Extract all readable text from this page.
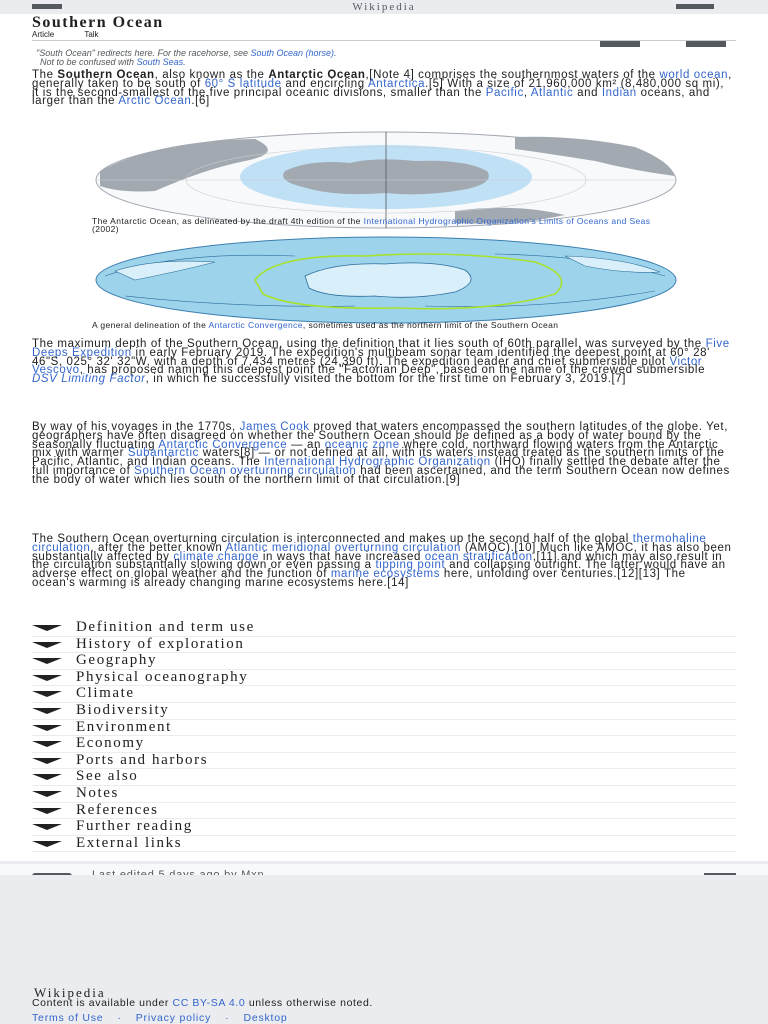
Wikipedia
Southern Ocean
Article	Talk
"South Ocean" redirects here. For the racehorse, see South Ocean (horse).
Not to be confused with South Seas.
The Southern Ocean, also known as the Antarctic Ocean,[Note 4] comprises the southernmost waters of the world ocean, generally taken to be south of 60° S latitude and encircling Antarctica.[5] With a size of 21,960,000 km² (8,480,000 sq mi), it is the second-smallest of the five principal oceanic divisions, smaller than the Pacific, Atlantic and Indian oceans, and larger than the Arctic Ocean.[6]
The Antarctic Ocean, as delineated by the draft 4th edition of the International Hydrographic Organization's Limits of Oceans and Seas (2002)
A general delineation of the Antarctic Convergence, sometimes used as the northern limit of the Southern Ocean
The maximum depth of the Southern Ocean, using the definition that it lies south of 60th parallel, was surveyed by the Five Deeps Expedition in early February 2019. The expedition's multibeam sonar team identified the deepest point at 60° 28' 46"S, 025° 32' 32"W, with a depth of 7,434 metres (24,390 ft). The expedition leader and chief submersible pilot Victor Vescovo, has proposed naming this deepest point the "Factorian Deep", based on the name of the crewed submersible DSV Limiting Factor, in which he successfully visited the bottom for the first time on February 3, 2019.[7]
By way of his voyages in the 1770s, James Cook proved that waters encompassed the southern latitudes of the globe. Yet, geographers have often disagreed on whether the Southern Ocean should be defined as a body of water bound by the seasonally fluctuating Antarctic Convergence — an oceanic zone where cold, northward flowing waters from the Antarctic mix with warmer Subantarctic waters[8] — or not defined at all, with its waters instead treated as the southern limits of the Pacific, Atlantic, and Indian oceans. The International Hydrographic Organization (IHO) finally settled the debate after the full importance of Southern Ocean overturning circulation had been ascertained, and the term Southern Ocean now defines the body of water which lies south of the northern limit of that circulation.[9]
The Southern Ocean overturning circulation is interconnected and makes up the second half of the global thermohaline circulation, after the better known Atlantic meridional overturning circulation (AMOC).[10] Much like AMOC, it has also been substantially affected by climate change in ways that have increased ocean stratification,[11] and which may also result in the circulation substantially slowing down or even passing a tipping point and collapsing outright. The latter would have an adverse effect on global weather and the function of marine ecosystems here, unfolding over centuries.[12][13] The ocean's warming is already changing marine ecosystems here.[14]
Definition and term use
History of exploration
Geography
Physical oceanography
Climate
Biodiversity
Environment
Economy
Ports and harbors
See also
Notes
References
Further reading
External links
Wikipedia
Content is available under CC BY-SA 4.0 unless otherwise noted.
Terms of Use · Privacy policy · Desktop
